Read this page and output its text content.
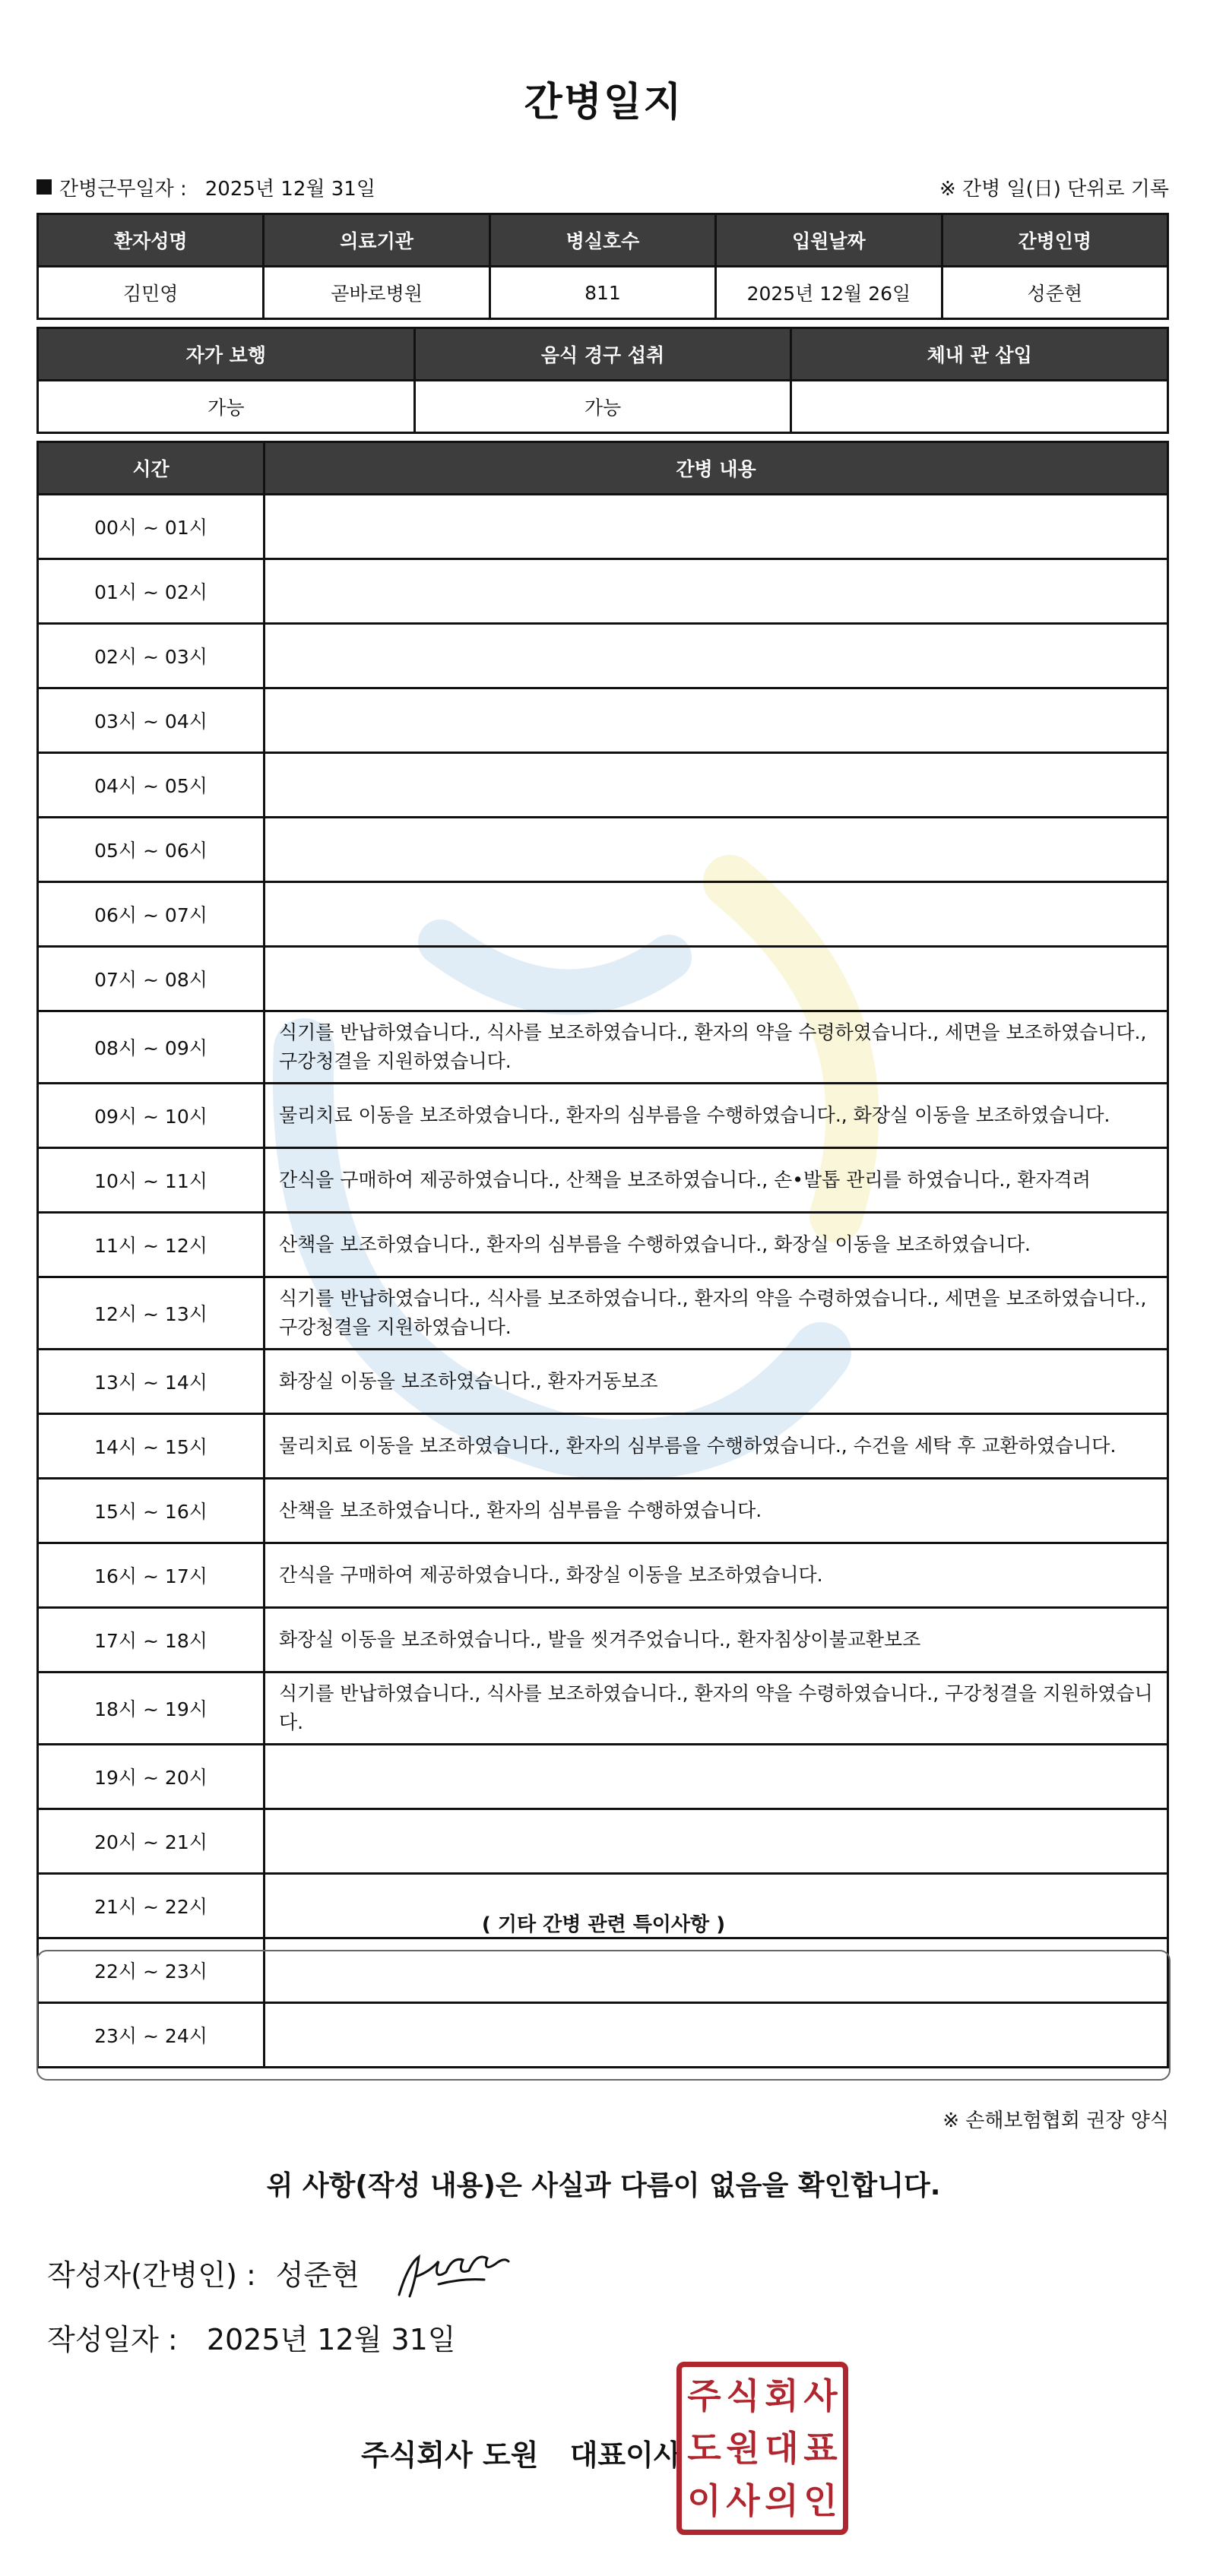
간병일지
간병근무일자 : 2025년 12월 31일	※ 간병 일(日) 단위로 기록
환자성명	의료기관	병실호수	입원날짜	간병인명
김민영	곧바로병원	811	2025년 12월 26일	성준현
자가 보행	음식 경구 섭취	체내 관 삽입
가능	가능	
시간	간병 내용
00시 ~ 01시	
01시 ~ 02시	
02시 ~ 03시	
03시 ~ 04시	
04시 ~ 05시	
05시 ~ 06시	
06시 ~ 07시	
07시 ~ 08시	
08시 ~ 09시	식기를 반납하였습니다., 식사를 보조하였습니다., 환자의 약을 수령하였습니다., 세면을 보조하였습니다., 구강청결을 지원하였습니다.
09시 ~ 10시	물리치료 이동을 보조하였습니다., 환자의 심부름을 수행하였습니다., 화장실 이동을 보조하였습니다.
10시 ~ 11시	간식을 구매하여 제공하였습니다., 산책을 보조하였습니다., 손•발톱 관리를 하였습니다., 환자격려
11시 ~ 12시	산책을 보조하였습니다., 환자의 심부름을 수행하였습니다., 화장실 이동을 보조하였습니다.
12시 ~ 13시	식기를 반납하였습니다., 식사를 보조하였습니다., 환자의 약을 수령하였습니다., 세면을 보조하였습니다., 구강청결을 지원하였습니다.
13시 ~ 14시	화장실 이동을 보조하였습니다., 환자거동보조
14시 ~ 15시	물리치료 이동을 보조하였습니다., 환자의 심부름을 수행하였습니다., 수건을 세탁 후 교환하였습니다.
15시 ~ 16시	산책을 보조하였습니다., 환자의 심부름을 수행하였습니다.
16시 ~ 17시	간식을 구매하여 제공하였습니다., 화장실 이동을 보조하였습니다.
17시 ~ 18시	화장실 이동을 보조하였습니다., 발을 씻겨주었습니다., 환자침상이불교환보조
18시 ~ 19시	식기를 반납하였습니다., 식사를 보조하였습니다., 환자의 약을 수령하였습니다., 구강청결을 지원하였습니다.
19시 ~ 20시	
20시 ~ 21시	
21시 ~ 22시	
22시 ~ 23시	
23시 ~ 24시	
( 기타 간병 관련 특이사항 )
※ 손해보험협회 권장 양식
위 사항(작성 내용)은 사실과 다름이 없음을 확인합니다.
작성자(간병인) : 성준현
작성일자 : 2025년 12월 31일
주식회사 도원 대표이사
주 식 회 사
도 원 대 표
이 사 의 인
